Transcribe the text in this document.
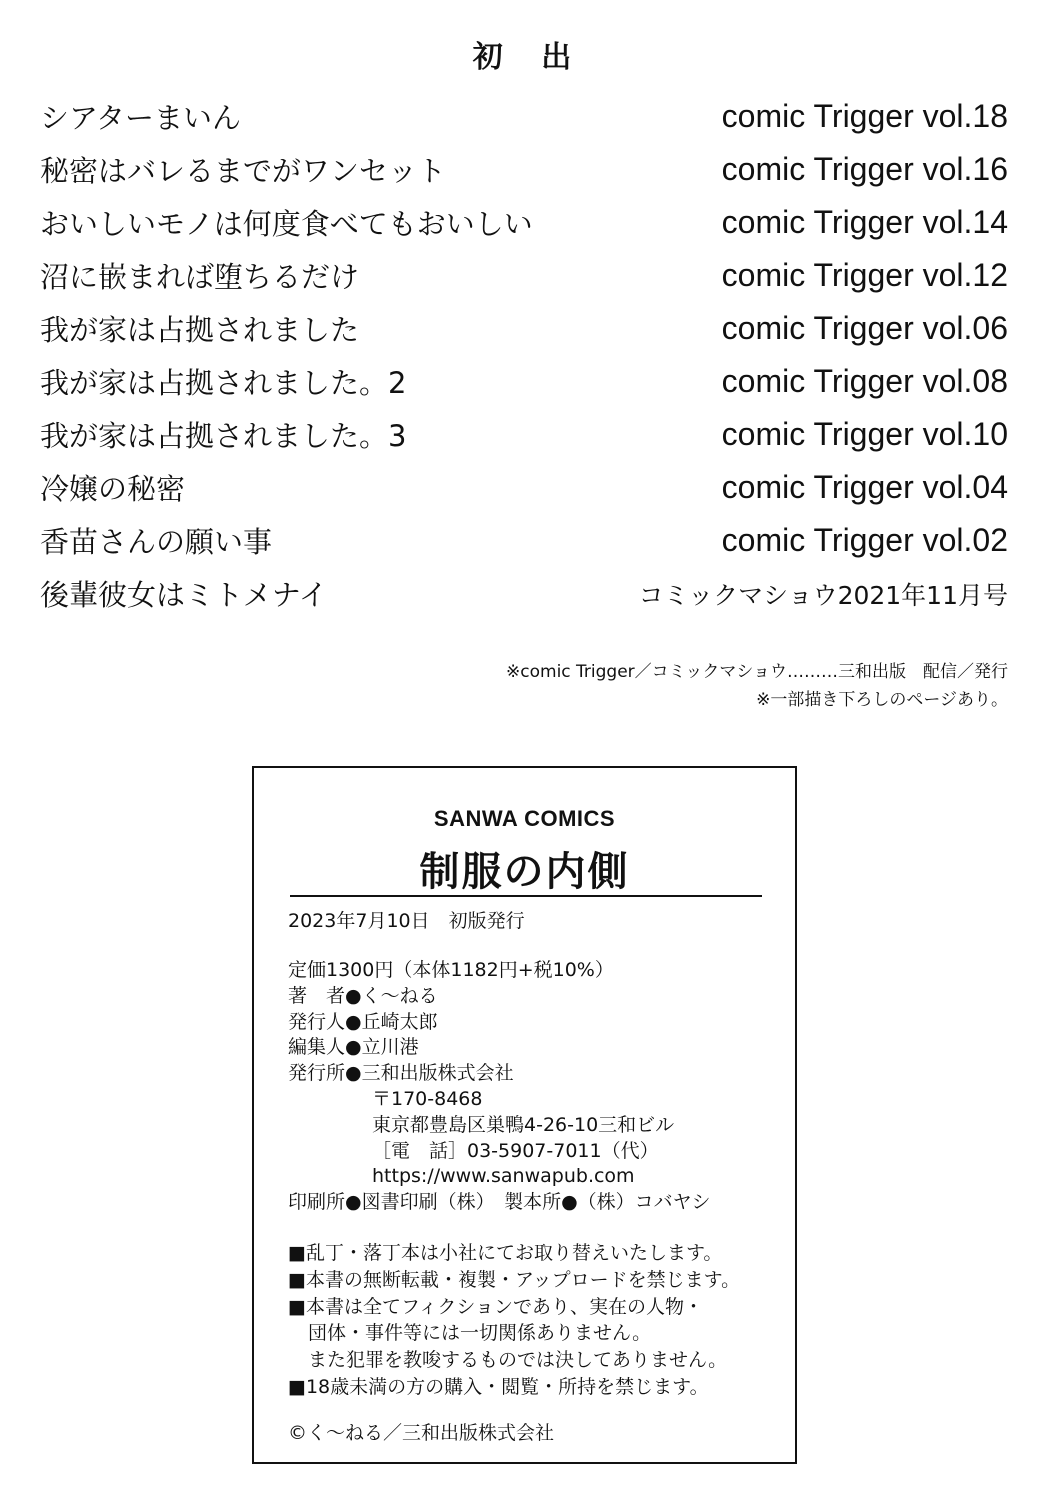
初 出
シアターまいん	comic Trigger vol.18
秘密はバレるまでがワンセット	comic Trigger vol.16
おいしいモノは何度食べてもおいしい	comic Trigger vol.14
沼に嵌まれば堕ちるだけ	comic Trigger vol.12
我が家は占拠されました	comic Trigger vol.06
我が家は占拠されました。2	comic Trigger vol.08
我が家は占拠されました。3	comic Trigger vol.10
冷嬢の秘密	comic Trigger vol.04
香苗さんの願い事	comic Trigger vol.02
後輩彼女はミトメナイ	コミックマショウ2021年11月号
※comic Trigger／コミックマショウ………三和出版　配信／発行
※一部描き下ろしのページあり。
SANWA COMICS
制服の内側
2023年7月10日　初版発行
定価1300円（本体1182円+税10%）
著　者●く〜ねる
発行人●丘崎太郎
編集人●立川港
発行所●三和出版株式会社
〒170-8468
東京都豊島区巣鴨4-26-10三和ビル
［電　話］03-5907-7011（代）
https://www.sanwapub.com
印刷所●図書印刷（株）　製本所●（株）コバヤシ
■乱丁・落丁本は小社にてお取り替えいたします。
■本書の無断転載・複製・アップロードを禁じます。
■本書は全てフィクションであり、実在の人物・
団体・事件等には一切関係ありません。
また犯罪を教唆するものでは決してありません。
■18歳未満の方の購入・閲覧・所持を禁じます。
©く〜ねる／三和出版株式会社
